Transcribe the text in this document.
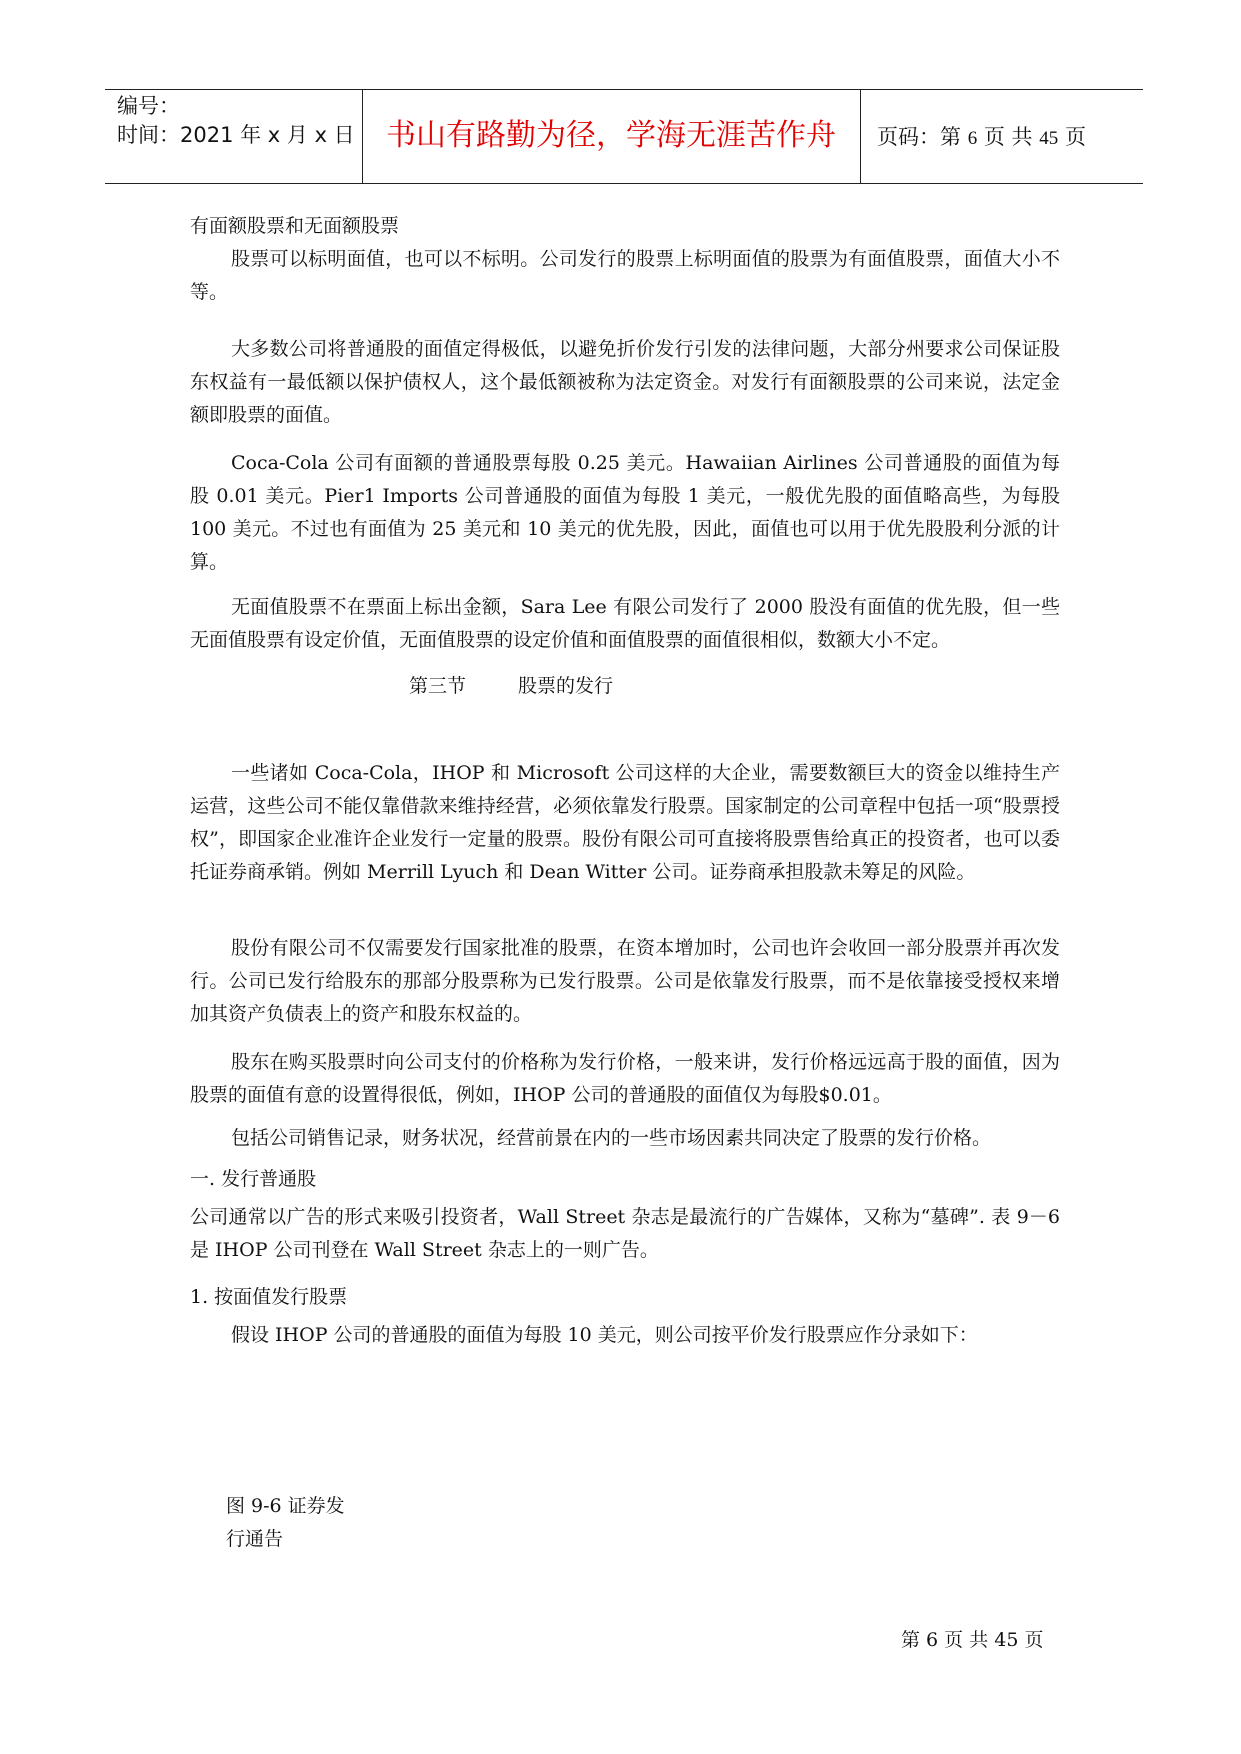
编号：
时间：2021 年 x 月 x 日	书山有路勤为径，学海无涯苦作舟	页码：第 6 页 共 45 页
有面额股票和无面额股票

股票可以标明面值，也可以不标明。公司发行的股票上标明面值的股票为有面值股票，面值大小不等。

大多数公司将普通股的面值定得极低，以避免折价发行引发的法律问题，大部分州要求公司保证股东权益有一最低额以保护债权人，这个最低额被称为法定资金。对发行有面额股票的公司来说，法定金额即股票的面值。

Coca-Cola 公司有面额的普通股票每股 0.25 美元。Hawaiian Airlines 公司普通股的面值为每股 0.01 美元。Pier1 Imports 公司普通股的面值为每股 1 美元，一般优先股的面值略高些，为每股 100 美元。不过也有面值为 25 美元和 10 美元的优先股，因此，面值也可以用于优先股股利分派的计算。

无面值股票不在票面上标出金额，Sara Lee 有限公司发行了 2000 股没有面值的优先股，但一些无面值股票有设定价值，无面值股票的设定价值和面值股票的面值很相似，数额大小不定。

第三节	股票的发行

一些诸如 Coca-Cola，IHOP 和 Microsoft 公司这样的大企业，需要数额巨大的资金以维持生产运营，这些公司不能仅靠借款来维持经营，必须依靠发行股票。国家制定的公司章程中包括一项“股票授权”，即国家企业准许企业发行一定量的股票。股份有限公司可直接将股票售给真正的投资者，也可以委托证券商承销。例如 Merrill Lyuch 和 Dean Witter 公司。证券商承担股款未筹足的风险。

股份有限公司不仅需要发行国家批准的股票，在资本增加时，公司也许会收回一部分股票并再次发行。公司已发行给股东的那部分股票称为已发行股票。公司是依靠发行股票，而不是依靠接受授权来增加其资产负债表上的资产和股东权益的。

股东在购买股票时向公司支付的价格称为发行价格，一般来讲，发行价格远远高于股的面值，因为股票的面值有意的设置得很低，例如，IHOP 公司的普通股的面值仅为每股$0.01。

包括公司销售记录，财务状况，经营前景在内的一些市场因素共同决定了股票的发行价格。

一. 发行普通股

公司通常以广告的形式来吸引投资者，Wall Street 杂志是最流行的广告媒体，又称为“墓碑”. 表 9－6 是 IHOP 公司刊登在 Wall Street 杂志上的一则广告。

1. 按面值发行股票

假设 IHOP 公司的普通股的面值为每股 10 美元，则公司按平价发行股票应作分录如下：

图 9-6 证券发行通告
第 6 页 共 45 页
